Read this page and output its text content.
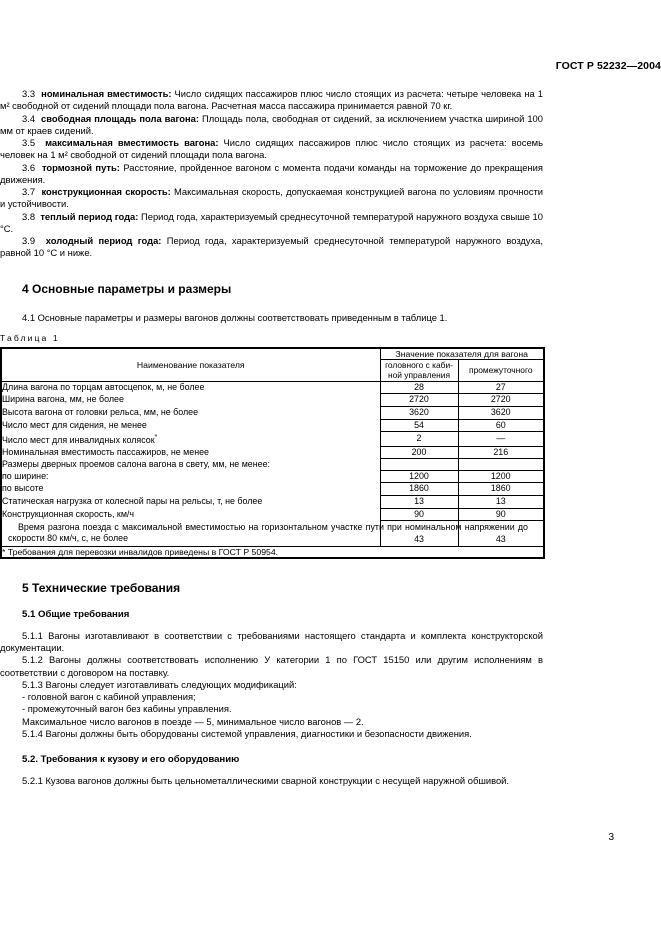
ГОСТ Р 52232—2004

3.3 номинальная вместимость: Число сидящих пассажиров плюс число стоящих из расчета: четыре человека на 1 м² свободной от сидений площади пола вагона. Расчетная масса пассажира принимается равной 70 кг.

3.4 свободная площадь пола вагона: Площадь пола, свободная от сидений, за исключением участка шириной 100 мм от краев сидений.

3.5 максимальная вместимость вагона: Число сидящих пассажиров плюс число стоящих из расчета: восемь человек на 1 м² свободной от сидений площади пола вагона.

3.6 тормозной путь: Расстояние, пройденное вагоном с момента подачи команды на торможение до прекращения движения.

3.7 конструкционная скорость: Максимальная скорость, допускаемая конструкцией вагона по условиям прочности и устойчивости.

3.8 теплый период года: Период года, характеризуемый среднесуточной температурой наружного воздуха свыше 10 °C.

3.9 холодный период года: Период года, характеризуемый среднесуточной температурой наружного воздуха, равной 10 °C и ниже.

4 Основные параметры и размеры

4.1 Основные параметры и размеры вагонов должны соответствовать приведенным в таблице 1.

Таблица 1

Наименование показателя	Значение показателя для вагона	
	головного с каби-
ной управления	промежуточного
Длина вагона по торцам автосцепок, м, не более	28	27
Ширина вагона, мм, не более	2720	2720
Высота вагона от головки рельса, мм, не более	3620	3620
Число мест для сидения, не менее	54	60
Число мест для инвалидных колясок*	2	—
Номинальная вместимость пассажиров, не менее	200	216
Размеры дверных проемов салона вагона в свету, мм, не менее:		
по ширине:	1200	1200
по высоте	1860	1860
Статическая нагрузка от колесной пары на рельсы, т, не более	13	13
Конструкционная скорость, км/ч	90	90

Время разгона поезда с максимальной вместимостью на горизонтальном участке пути при номинальном напряжении до скорости 80 км/ч, с, не более	43	43
* Требования для перевозки инвалидов приведены в ГОСТ Р 50954.		
5 Технические требования
5.1 Общие требования

5.1.1 Вагоны изготавливают в соответствии с требованиями настоящего стандарта и комплекта конструкторской документации.

5.1.2 Вагоны должны соответствовать исполнению У категории 1 по ГОСТ 15150 или другим исполнениям в соответствии с договором на поставку.

5.1.3 Вагоны следует изготавливать следующих модификаций:

- головной вагон с кабиной управления;

- промежуточный вагон без кабины управления.

Максимальное число вагонов в поезде — 5, минимальное число вагонов — 2.

5.1.4 Вагоны должны быть оборудованы системой управления, диагностики и безопасности движения.

5.2. Требования к кузову и его оборудованию

5.2.1 Кузова вагонов должны быть цельнометаллическими сварной конструкции с несущей наружной обшивой.

3
